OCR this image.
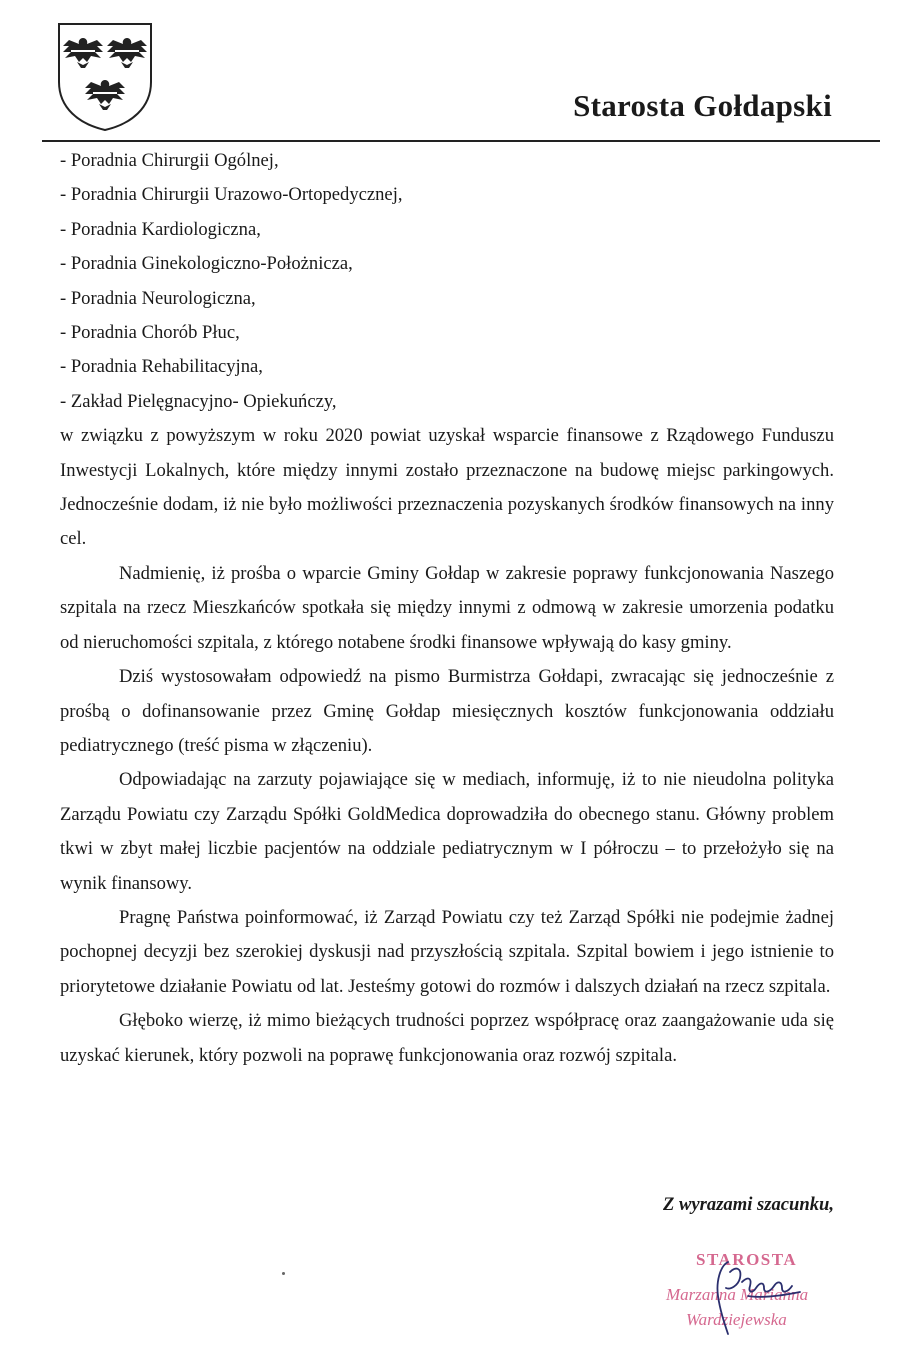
Starosta Gołdapski

- Poradnia Chirurgii Ogólnej,

- Poradnia Chirurgii Urazowo-Ortopedycznej,

- Poradnia Kardiologiczna,

- Poradnia Ginekologiczno-Położnicza,

- Poradnia Neurologiczna,

- Poradnia Chorób Płuc,

- Poradnia Rehabilitacyjna,

- Zakład Pielęgnacyjno- Opiekuńczy,

w związku z powyższym w roku 2020 powiat uzyskał wsparcie finansowe z Rządowego Funduszu Inwestycji Lokalnych, które między innymi zostało przeznaczone na budowę miejsc parkingowych. Jednocześnie dodam, iż nie było możliwości przeznaczenia pozyskanych środków finansowych na inny cel.

Nadmienię, iż prośba o wparcie Gminy Gołdap w zakresie poprawy funkcjonowania Naszego szpitala na rzecz Mieszkańców spotkała się między innymi z odmową w zakresie umorzenia podatku od nieruchomości szpitala, z którego notabene środki finansowe wpływają do kasy gminy.

Dziś wystosowałam odpowiedź na pismo Burmistrza Gołdapi, zwracając się jednocześnie z prośbą o dofinansowanie przez Gminę Gołdap miesięcznych kosztów funkcjonowania oddziału pediatrycznego (treść pisma w złączeniu).

Odpowiadając na zarzuty pojawiające się w mediach, informuję, iż to nie nieudolna polityka Zarządu Powiatu czy Zarządu Spółki GoldMedica doprowadziła do obecnego stanu. Główny problem tkwi w zbyt małej liczbie pacjentów na oddziale pediatrycznym w I półroczu – to przełożyło się na wynik finansowy.

Pragnę Państwa poinformować, iż Zarząd Powiatu czy też Zarząd Spółki nie podejmie żadnej pochopnej decyzji bez szerokiej dyskusji nad przyszłością szpitala. Szpital bowiem i jego istnienie to priorytetowe działanie Powiatu od lat. Jesteśmy gotowi do rozmów i dalszych działań na rzecz szpitala.

Głęboko wierzę, iż mimo bieżących trudności poprzez współpracę oraz zaangażowanie uda się uzyskać kierunek, który pozwoli na poprawę funkcjonowania oraz rozwój szpitala.

Z wyrazami szacunku,
STAROSTA
Marzanna Marianna
Wardziejewska
